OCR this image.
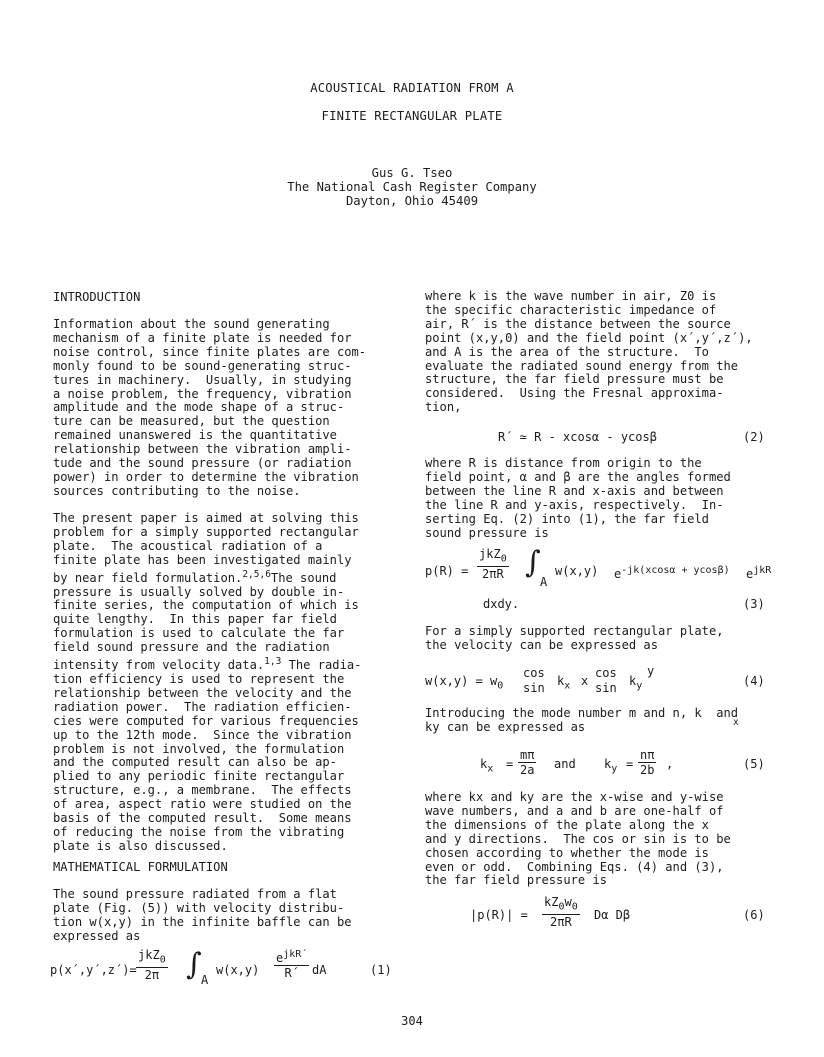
ACOUSTICAL RADIATION FROM A
FINITE RECTANGULAR PLATE
Gus G. Tseo
The National Cash Register Company
Dayton, Ohio 45409
INTRODUCTION
Information about the sound generating
mechanism of a finite plate is needed for
noise control, since finite plates are com-
monly found to be sound-generating struc-
tures in machinery.  Usually, in studying
a noise problem, the frequency, vibration
amplitude and the mode shape of a struc-
ture can be measured, but the question
remained unanswered is the quantitative
relationship between the vibration ampli-
tude and the sound pressure (or radiation
power) in order to determine the vibration
sources contributing to the noise.
The present paper is aimed at solving this
problem for a simply supported rectangular
plate.  The acoustical radiation of a
finite plate has been investigated mainly
by near field formulation.$^{2,5,6}$The sound
pressure is usually solved by double in-
finite series, the computation of which is
quite lengthy.  In this paper far field
formulation is used to calculate the far
field sound pressure and the radiation
intensity from velocity data.$^{1,3}$ The radia-
tion efficiency is used to represent the
relationship between the velocity and the
radiation power.  The radiation efficien-
cies were computed for various frequencies
up to the 12th mode.  Since the vibration
problem is not involved, the formulation
and the computed result can also be ap-
plied to any periodic finite rectangular
structure, e.g., a membrane.  The effects
of area, aspect ratio were studied on the
basis of the computed result.  Some means
of reducing the noise from the vibrating
plate is also discussed.
MATHEMATICAL FORMULATION
The sound pressure radiated from a flat
plate (Fig. (5)) with velocity distribu-
tion w(x,y) in the infinite baffle can be
expressed as
p(x´,y´,z´)=
jkZ$_0$
2π ∫ A
w(x,y)
$e^{jkR´}$
R´	dA	(1)
where k is the wave number in air, Z0 is
the specific characteristic impedance of
air, R´ is the distance between the source
point (x,y,0) and the field point (x´,y´,z´),
and A is the area of the structure.  To
evaluate the radiated sound energy from the
structure, the far field pressure must be
considered.  Using the Fresnal approxima-
tion,
R´ ≃ R - xcosα - ycosβ	(2)
where R is distance from origin to the
field point, α and β are the angles formed
between the line R and x-axis and between
the line R and y-axis, respectively.  In-
serting Eq. (2) into (1), the far field
sound pressure is
p(R) =
jkZ$_0$
2πR ∫
A
w(x,y) $e^{-jk(xcos\alpha + ycos\beta)}$ $e^{jkR}$
dxdy.	(3)
For a simply supported rectangular plate,
the velocity can be expressed as
$w(x,y) = w_0$
cos
$\sin k_x$ x
cos
$\sin k_y$
y
(4)
Introducing the mode number m and n, k  and
ky can be expressed as	x
$k_x = \frac{m\pi}{2a}$ and $k_y = \frac{n\pi}{2b}$ ,	(5)
where kx and ky are the x-wise and y-wise
wave numbers, and a and b are one-half of
the dimensions of the plate along the x
and y directions.  The cos or sin is to be
chosen according to whether the mode is
even or odd.  Combining Eqs. (4) and (3),
the far field pressure is
$|p(R)| = \frac{kZ_0w_0}{2\pi R}$ Dα Dβ	(6)
304
